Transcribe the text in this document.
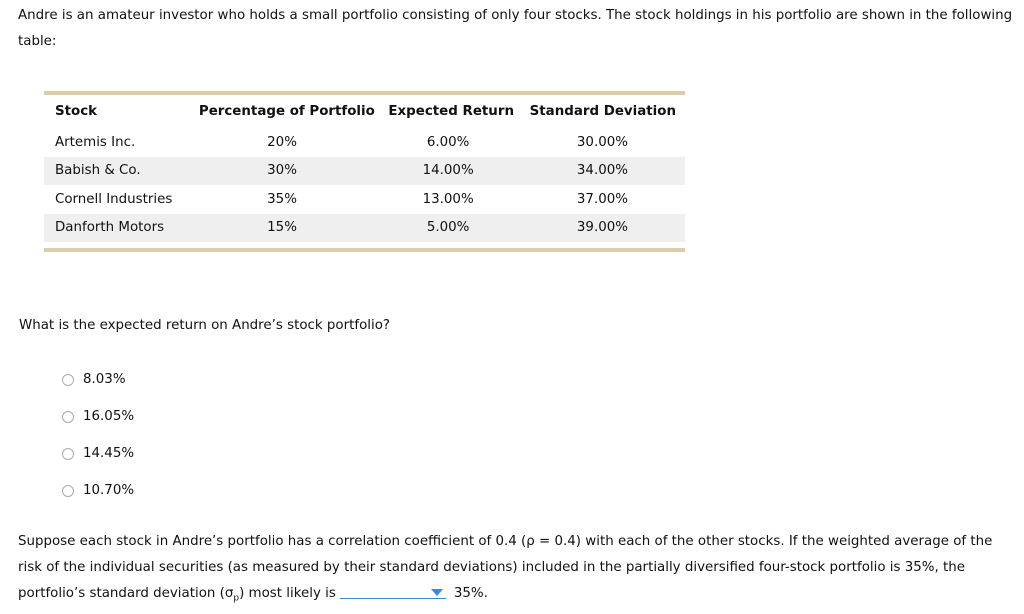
Andre is an amateur investor who holds a small portfolio consisting of only four stocks. The stock holdings in his portfolio are shown in the following table:

Stock	Percentage of Portfolio	Expected Return	Standard Deviation
Artemis Inc.	20%	6.00%	30.00%
Babish & Co.	30%	14.00%	34.00%
Cornell Industries	35%	13.00%	37.00%
Danforth Motors	15%	5.00%	39.00%

What is the expected return on Andre’s stock portfolio?

8.03%
16.05%
14.45%
10.70%

Suppose each stock in Andre’s portfolio has a correlation coefficient of 0.4 (ρ = 0.4) with each of the other stocks. If the weighted average of the risk of the individual securities (as measured by their standard deviations) included in the partially diversified four-stock portfolio is 35%, the portfolio’s standard deviation $(\sigma_p)$ most likely is	35%.
